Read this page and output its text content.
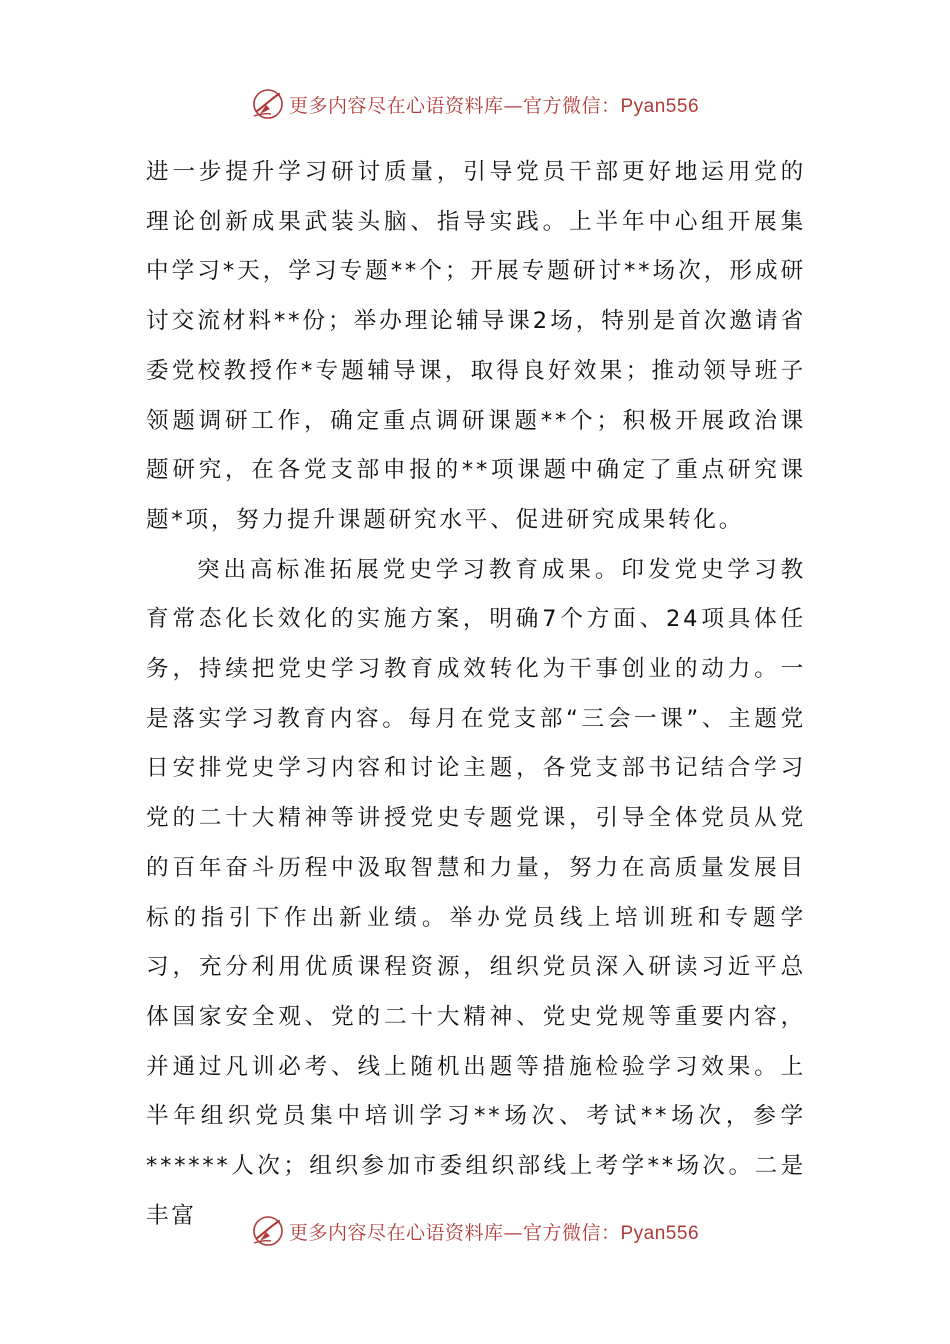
更多内容尽在心语资料库—官方微信：Pyan556

进一步提升学习研讨质量，引导党员干部更好地运用党的理论创新成果武装头脑、指导实践。上半年中心组开展集中学习*天，学习专题**个；开展专题研讨**场次，形成研讨交流材料**份；举办理论辅导课2场，特别是首次邀请省委党校教授作*专题辅导课，取得良好效果；推动领导班子领题调研工作，确定重点调研课题**个；积极开展政治课题研究，在各党支部申报的**项课题中确定了重点研究课题*项，努力提升课题研究水平、促进研究成果转化。

突出高标准拓展党史学习教育成果。印发党史学习教育常态化长效化的实施方案，明确7个方面、24项具体任务，持续把党史学习教育成效转化为干事创业的动力。一是落实学习教育内容。每月在党支部“三会一课”、主题党日安排党史学习内容和讨论主题，各党支部书记结合学习党的二十大精神等讲授党史专题党课，引导全体党员从党的百年奋斗历程中汲取智慧和力量，努力在高质量发展目标的指引下作出新业绩。举办党员线上培训班和专题学习，充分利用优质课程资源，组织党员深入研读习近平总体国家安全观、党的二十大精神、党史党规等重要内容，并通过凡训必考、线上随机出题等措施检验学习效果。上半年组织党员集中培训学习**场次、考试**场次，参学******人次；组织参加市委组织部线上考学**场次。二是丰富

更多内容尽在心语资料库—官方微信：Pyan556
